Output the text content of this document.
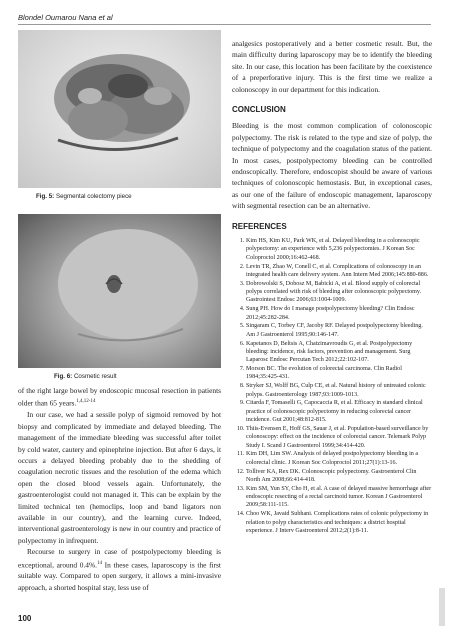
Blondel Oumarou Nana et al
Fig. 5: Segmental colectomy piece
Fig. 6: Cosmetic result

of the right large bowel by endoscopic mucosal resection in patients older than 65 years.$^{1,4,12-14}$

In our case, we had a sessile polyp of sigmoid removed by hot biopsy and complicated by immediate and delayed bleeding. The management of the immediate bleeding was successful after toilet by cold water, cautery and epinephrine injection. But after 6 days, it occurs a delayed bleeding probably due to the shedding of coagulation necrotic tissues and the resolution of the edema which open the closed blood vessels again. Unfortunately, the gastroenterologist could not managed it. This can be explain by the limited technical ten (hemoclips, loop and band ligators non available in our country), and the learning curve. Indeed, interventional gastroenterology is new in our country and practice of polypectomy in infrequent.

Recourse to surgery in case of postpolypectomy bleeding is exceptional, around 0.4%.$^{14}$ In these cases, laparoscopy is the first suitable way. Compared to open surgery, it allows a mini-invasive approach, a shorted hospital stay, less use of

analgesics postoperatively and a better cosmetic result. But, the main difficulty during laparoscopy may be to identify the bleeding site. In our case, this location has been facilitate by the coexistence of a preperforative injury. This is the first time we realize a colonoscopy in our department for this indication.

CONCLUSION

Bleeding is the most common complication of colonoscopic polypectomy. The risk is related to the type and size of polyp, the technique of polypectomy and the coagulation status of the patient. In most cases, postpolypectomy bleeding can be controlled endoscopically. Therefore, endoscopist should be aware of various techniques of colonoscopic hemostasis. But, in exceptional cases, as our one of the failure of endoscopic management, laparoscopy with segmental resection can be an alternative.

REFERENCES
1. Kim HS, Kim KU, Park WK, et al. Delayed bleeding in a colonoscopic polypectomy: an experience with 5,236 polypectomies. J Korean Soc Coloproctol 2000;16:462-468.
2. Levin TR, Zhao W, Conell C, et al. Complications of colonoscopy in an integrated health care delivery system. Ann Intern Med 2006;145:880-886.
3. Dobrowolski S, Dobosz M, Babicki A, et al. Blood supply of colorectal polyps correlated with risk of bleeding after colonoscopic polypectomy. Gastrointest Endosc 2006;63:1004-1009.
4. Sung PH. How do I manage postpolypectomy bleeding? Clin Endosc 2012;45:282-284.
5. Singaram C, Torbey CF, Jacoby RF. Delayed postpolypectomy bleeding. Am J Gastroenterol 1995;90:146-147.
6. Kapetanos D, Beltsis A, Chatzimavroudis G, et al. Postpolypectomy bleeding: incidence, risk factors, prevention and management. Surg Laparosc Endosc Percutan Tech 2012;22:102-107.
7. Morson BC. The evolution of colorectal carcinoma. Clin Radiol 1984;35:425-431.
8. Stryker SJ, Wolff BG, Culp CE, et al. Natural history of untreated colonic polyps. Gastroenterology 1987;93:1009-1013.
9. Citarda F, Tomaselli G, Capocaccia R, et al. Efficacy in standard clinical practice of colonoscopic polypectomy in reducing colorectal cancer incidence. Gut 2001;48:812-815.
10. Thiis-Evensen E, Hoff GS, Sauar J, et al. Population-based surveillance by colonoscopy: effect on the incidence of colorectal cancer. Telemark Polyp Study I. Scand J Gastroenterol 1999;34:414-420.
11. Kim DH, Lim SW. Analysis of delayed postpolypectomy bleeding in a colorectal clinic. J Korean Soc Coloproctol 2011;27(1):13-16.
12. Tolliver KA, Rex DK. Colonoscopic polypectomy. Gastroenterol Clin North Am 2008;66:414-418.
13. Kim SM, Yun SY, Cho H, et al. A case of delayed massive hemorrhage after endoscopic resecting of a rectal carcinoid tumor. Korean J Gastroenterol 2009;58:111-115.
14. Choo WK, Javaid Subhani. Complications rates of colonic polypectomy in relation to polyp characteristics and techniques: a district hospital experience. J Interv Gastroenterol 2012;2(1):8-11.
100
